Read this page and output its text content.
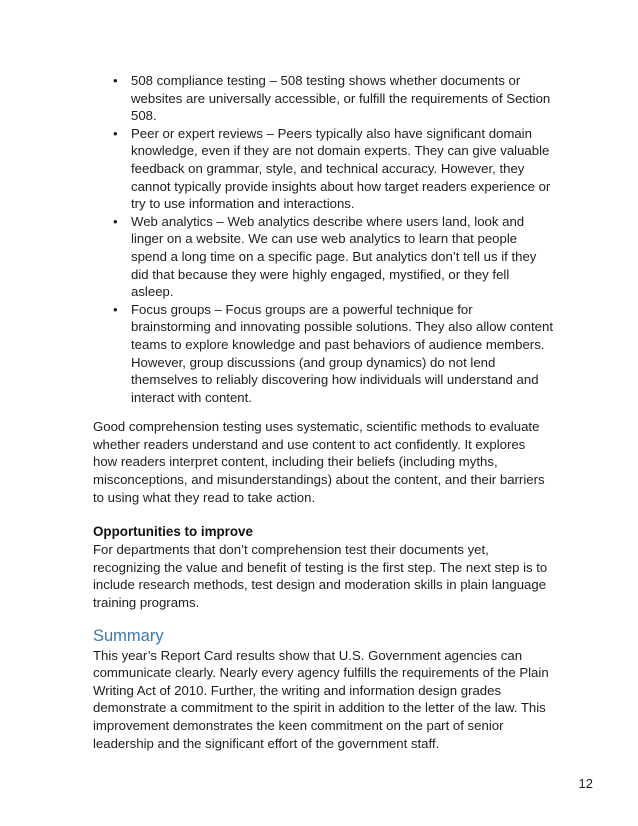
• 508 compliance testing – 508 testing shows whether documents or websites are universally accessible, or fulfill the requirements of Section 508.
• Peer or expert reviews – Peers typically also have significant domain knowledge, even if they are not domain experts. They can give valuable feedback on grammar, style, and technical accuracy. However, they cannot typically provide insights about how target readers experience or try to use information and interactions.
• Web analytics – Web analytics describe where users land, look and linger on a website. We can use web analytics to learn that people spend a long time on a specific page. But analytics don’t tell us if they did that because they were highly engaged, mystified, or they fell asleep.
• Focus groups – Focus groups are a powerful technique for brainstorming and innovating possible solutions. They also allow content teams to explore knowledge and past behaviors of audience members. However, group discussions (and group dynamics) do not lend themselves to reliably discovering how individuals will understand and interact with content.

Good comprehension testing uses systematic, scientific methods to evaluate whether readers understand and use content to act confidently. It explores how readers interpret content, including their beliefs (including myths, misconceptions, and misunderstandings) about the content, and their barriers to using what they read to take action.

Opportunities to improve

For departments that don’t comprehension test their documents yet, recognizing the value and benefit of testing is the first step. The next step is to include research methods, test design and moderation skills in plain language training programs.

Summary

This year’s Report Card results show that U.S. Government agencies can communicate clearly. Nearly every agency fulfills the requirements of the Plain Writing Act of 2010. Further, the writing and information design grades demonstrate a commitment to the spirit in addition to the letter of the law. This improvement demonstrates the keen commitment on the part of senior leadership and the significant effort of the government staff.

12
